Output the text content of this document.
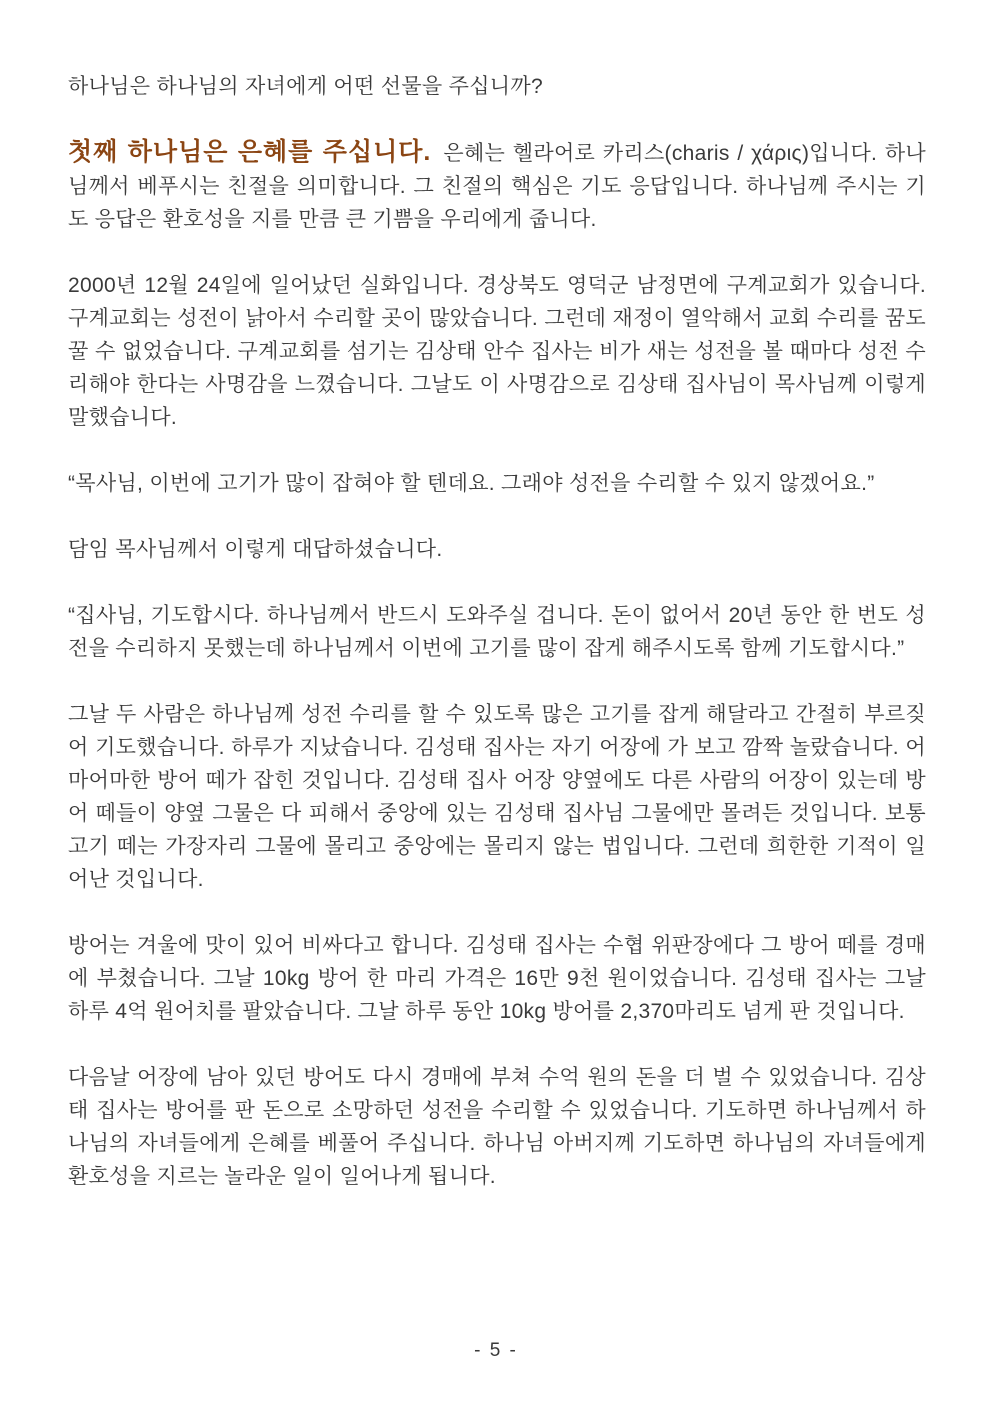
하나님은 하나님의 자녀에게 어떤 선물을 주십니까?

첫째 하나님은 은혜를 주십니다. 은혜는 헬라어로 카리스(charis / χάρις)입니다. 하나님께서 베푸시는 친절을 의미합니다. 그 친절의 핵심은 기도 응답입니다. 하나님께 주시는 기도 응답은 환호성을 지를 만큼 큰 기쁨을 우리에게 줍니다.

2000년 12월 24일에 일어났던 실화입니다. 경상북도 영덕군 남정면에 구계교회가 있습니다. 구계교회는 성전이 낡아서 수리할 곳이 많았습니다. 그런데 재정이 열악해서 교회 수리를 꿈도 꿀 수 없었습니다. 구계교회를 섬기는 김상태 안수 집사는 비가 새는 성전을 볼 때마다 성전 수리해야 한다는 사명감을 느꼈습니다. 그날도 이 사명감으로 김상태 집사님이 목사님께 이렇게 말했습니다.

“목사님, 이번에 고기가 많이 잡혀야 할 텐데요. 그래야 성전을 수리할 수 있지 않겠어요.”

담임 목사님께서 이렇게 대답하셨습니다.

“집사님, 기도합시다. 하나님께서 반드시 도와주실 겁니다. 돈이 없어서 20년 동안 한 번도 성전을 수리하지 못했는데 하나님께서 이번에 고기를 많이 잡게 해주시도록 함께 기도합시다.”

그날 두 사람은 하나님께 성전 수리를 할 수 있도록 많은 고기를 잡게 해달라고 간절히 부르짖어 기도했습니다. 하루가 지났습니다. 김성태 집사는 자기 어장에 가 보고 깜짝 놀랐습니다. 어마어마한 방어 떼가 잡힌 것입니다. 김성태 집사 어장 양옆에도 다른 사람의 어장이 있는데 방어 떼들이 양옆 그물은 다 피해서 중앙에 있는 김성태 집사님 그물에만 몰려든 것입니다. 보통 고기 떼는 가장자리 그물에 몰리고 중앙에는 몰리지 않는 법입니다. 그런데 희한한 기적이 일어난 것입니다.

방어는 겨울에 맛이 있어 비싸다고 합니다. 김성태 집사는 수협 위판장에다 그 방어 떼를 경매에 부쳤습니다. 그날 10kg 방어 한 마리 가격은 16만 9천 원이었습니다. 김성태 집사는 그날 하루 4억 원어치를 팔았습니다. 그날 하루 동안 10kg 방어를 2,370마리도 넘게 판 것입니다.

다음날 어장에 남아 있던 방어도 다시 경매에 부쳐 수억 원의 돈을 더 벌 수 있었습니다. 김상태 집사는 방어를 판 돈으로 소망하던 성전을 수리할 수 있었습니다. 기도하면 하나님께서 하나님의 자녀들에게 은혜를 베풀어 주십니다. 하나님 아버지께 기도하면 하나님의 자녀들에게 환호성을 지르는 놀라운 일이 일어나게 됩니다.

- 5 -
